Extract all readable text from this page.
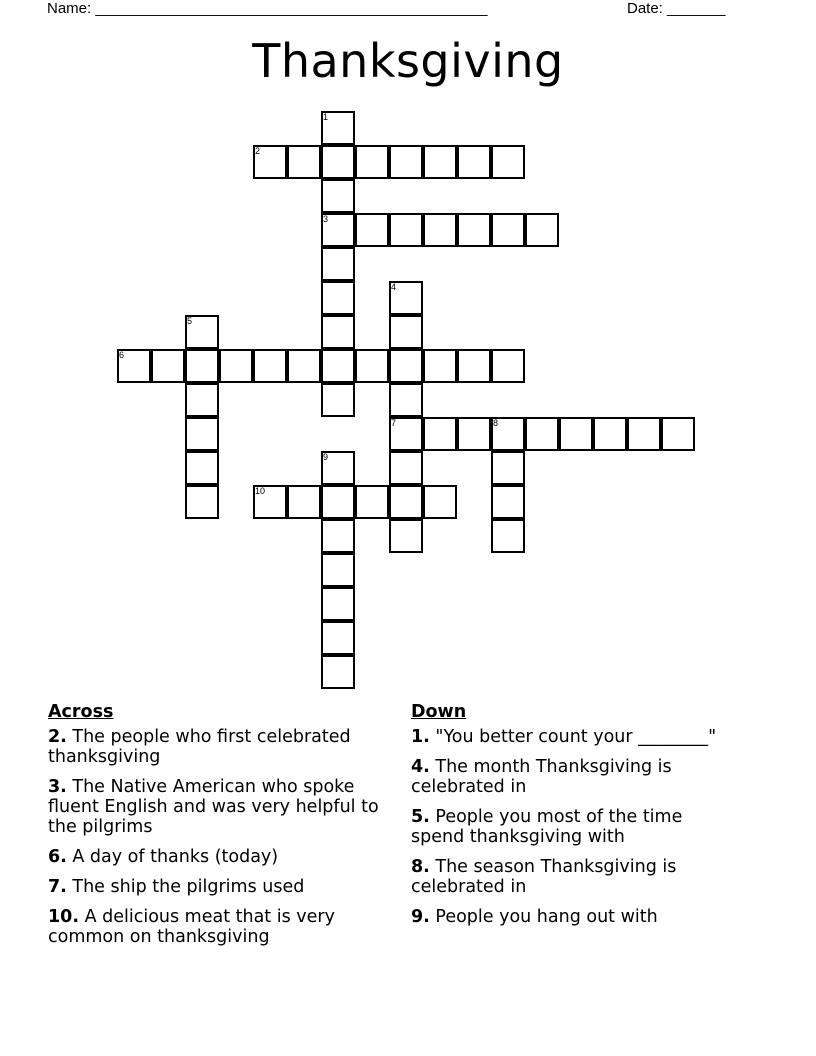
Name: _______________________________________________	Date: _______
Thanksgiving
1
2
3
4
5
6
7	8
9
10
Across
2. The people who first celebrated thanksgiving
3. The Native American who spoke fluent English and was very helpful to the pilgrims
6. A day of thanks (today)
7. The ship the pilgrims used
10. A delicious meat that is very common on thanksgiving
Down
1. "You better count your ________"
4. The month Thanksgiving is celebrated in
5. People you most of the time spend thanksgiving with
8. The season Thanksgiving is celebrated in
9. People you hang out with
